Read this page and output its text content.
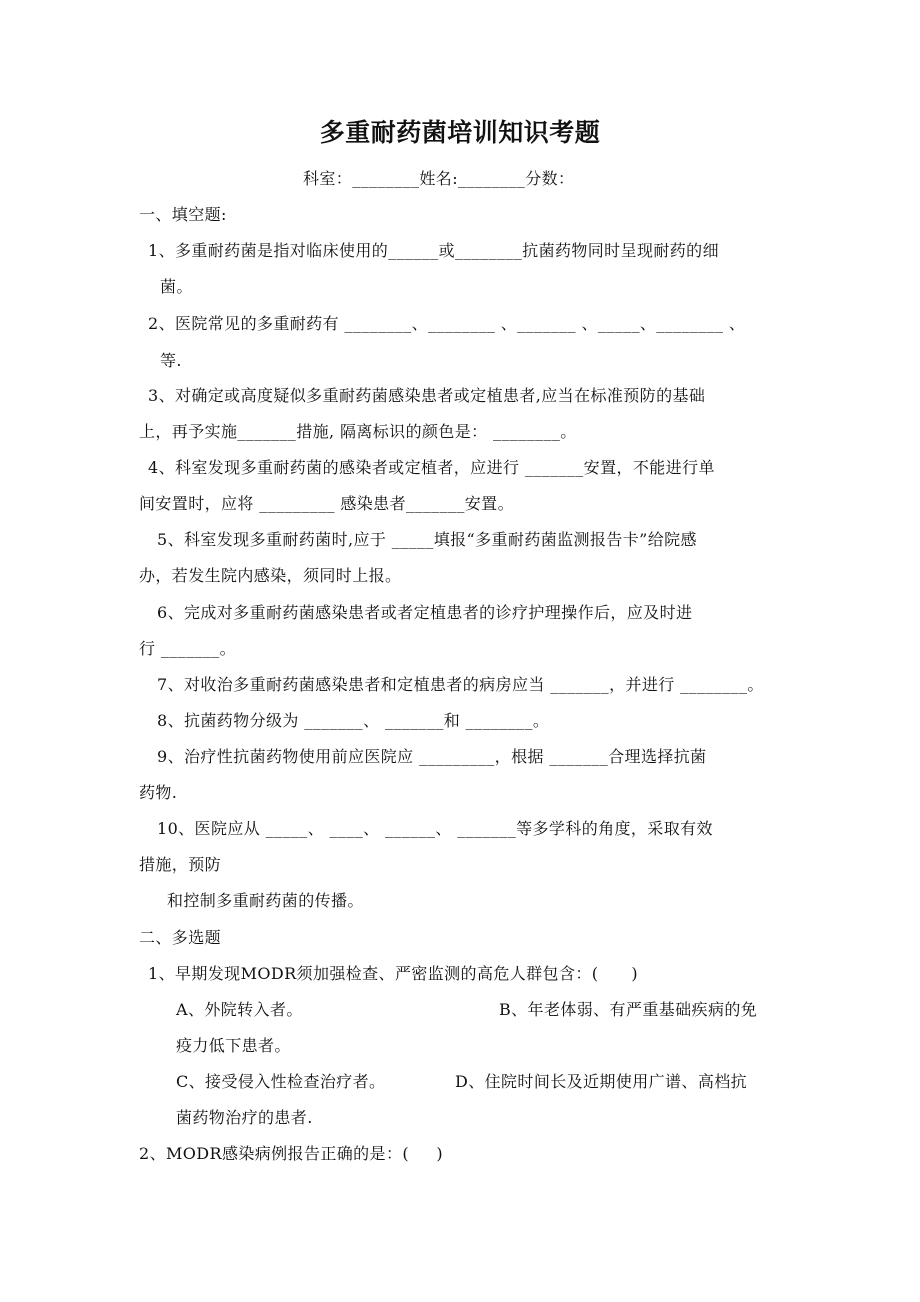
多重耐药菌培训知识考题
科室：________姓名:________分数：
一、填空题:
1、多重耐药菌是指对临床使用的______或________抗菌药物同时呈现耐药的细
菌。
2、医院常见的多重耐药有 ________、________ 、_______ 、_____、________ 、
等.
3、对确定或高度疑似多重耐药菌感染患者或定植患者,应当在标准预防的基础
上，再予实施_______措施, 隔离标识的颜色是： ________。
4、科室发现多重耐药菌的感染者或定植者，应进行 _______安置，不能进行单
间安置时，应将 _________ 感染患者_______安置。
5、科室发现多重耐药菌时,应于 _____填报“多重耐药菌监测报告卡”给院感
办，若发生院内感染，须同时上报。
6、完成对多重耐药菌感染患者或者定植患者的诊疗护理操作后，应及时进
行 _______。
7、对收治多重耐药菌感染患者和定植患者的病房应当 _______，并进行 ________。
8、抗菌药物分级为 _______、 _______和 ________。
9、治疗性抗菌药物使用前应医院应 _________，根据 _______合理选择抗菌
药物.
10、医院应从 _____、 ____、 ______、 _______等多学科的角度，采取有效
措施，预防
和控制多重耐药菌的传播。
二、多选题
1、早期发现MODR须加强检查、严密监测的高危人群包含：(      )
A、外院转入者。	B、年老体弱、有严重基础疾病的免
疫力低下患者。
C、接受侵入性检查治疗者。	D、住院时间长及近期使用广谱、高档抗
菌药物治疗的患者.
2、MODR感染病例报告正确的是：(     )
